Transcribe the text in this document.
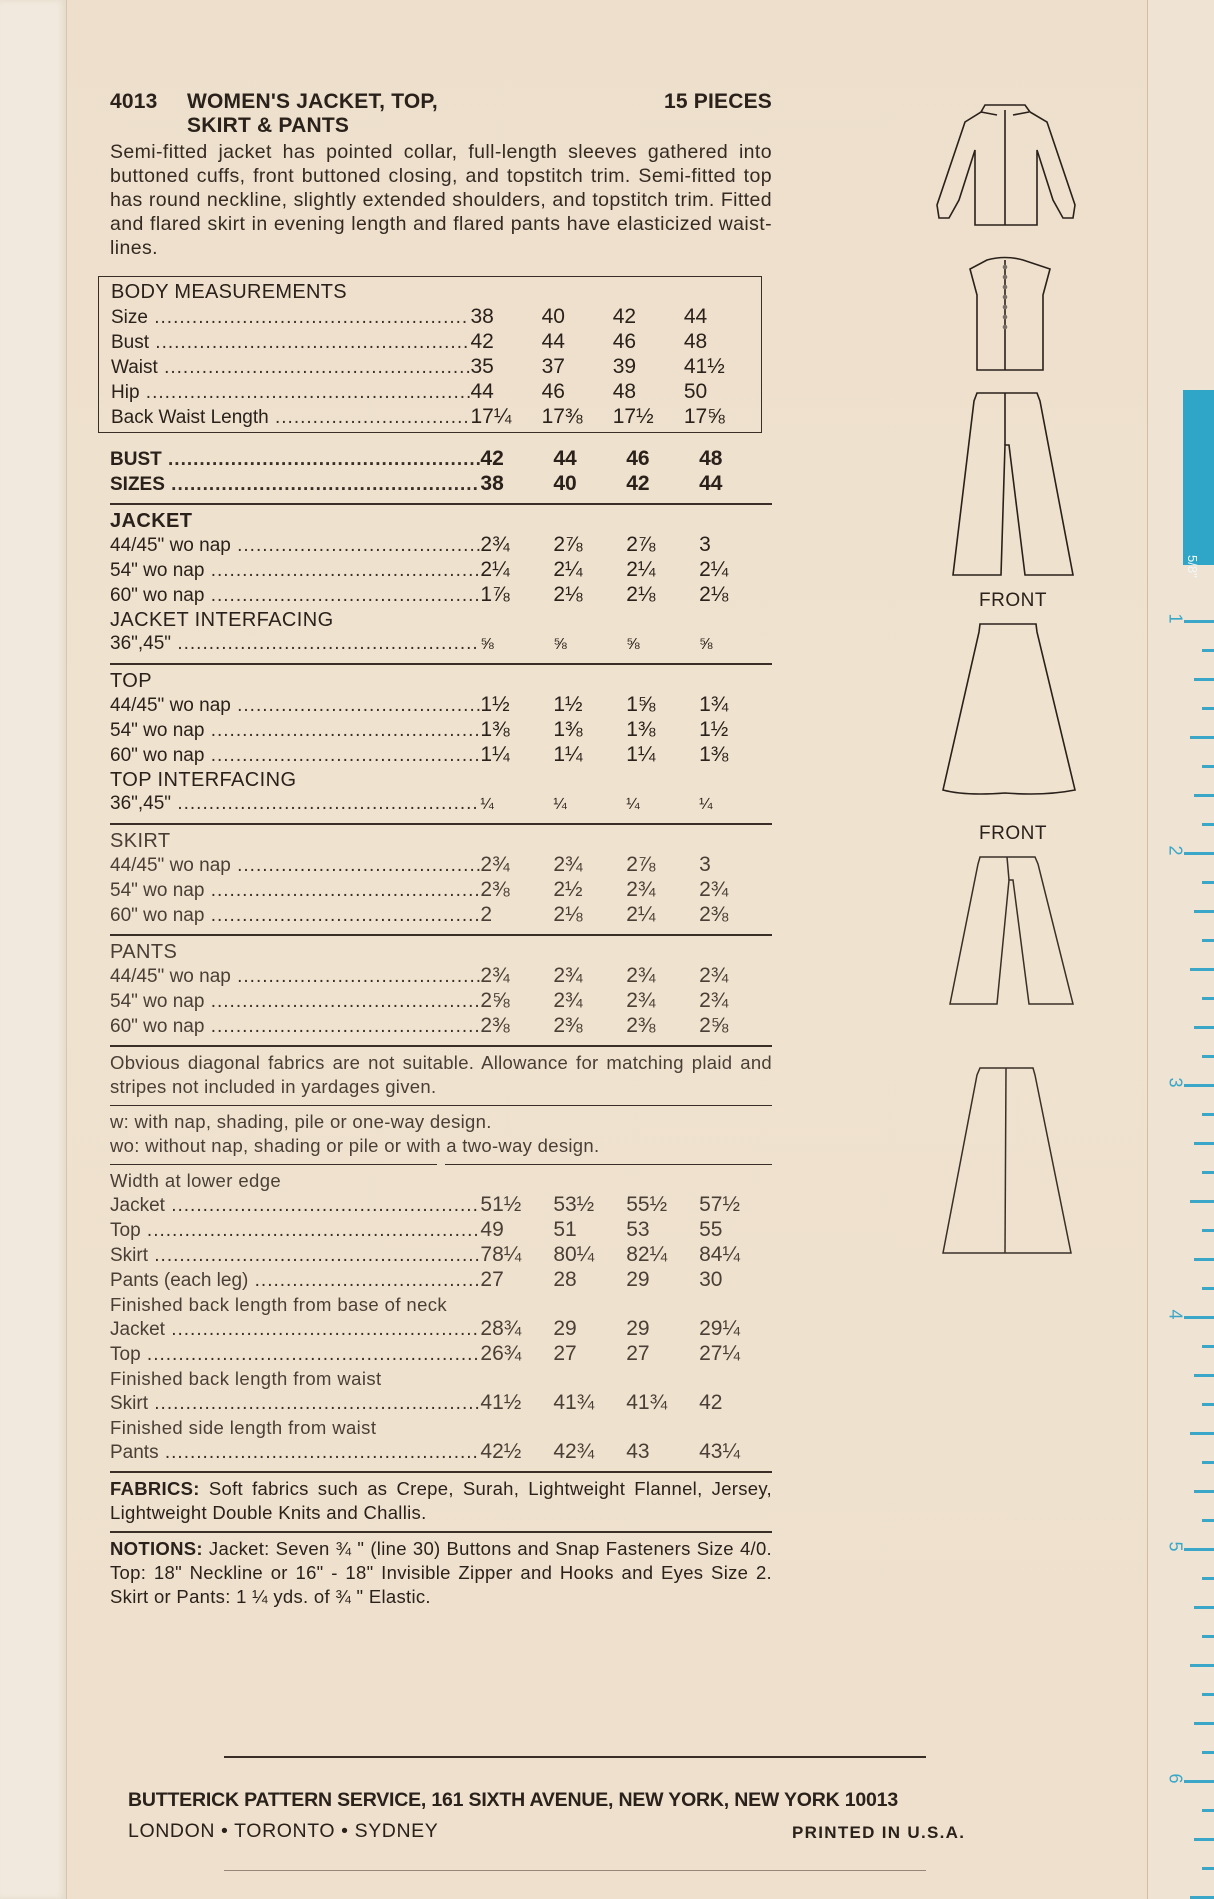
4013	WOMEN'S JACKET, TOP,
SKIRT & PANTS
15 PIECES
Semi-fitted jacket has pointed collar, full-length sleeves gathered into buttoned cuffs, front buttoned closing, and topstitch trim. Semi-fitted top has round neckline, slightly extended shoulders, and topstitch trim. Fitted and flared skirt in evening length and flared pants have elasticized waist-lines.
BODY MEASUREMENTS
Size .....	38	40	42	44
Bust .....	42	44	46	48
Waist .....	35	37	39	41½
Hip .....	44	46	48	50
Back Waist Length .....	17¼	17⅜	17½	17⅝
BUST .....	42	44	46	48
SIZES .....	38	40	42	44
JACKET
44/45" wo nap .....	2¾	2⅞	2⅞	3
54" wo nap .....	2¼	2¼	2¼	2¼
60" wo nap .....	1⅞	2⅛	2⅛	2⅛
JACKET INTERFACING
36",45" .....	⅝	⅝	⅝	⅝
TOP
44/45" wo nap .....	1½	1½	1⅝	1¾
54" wo nap .....	1⅜	1⅜	1⅜	1½
60" wo nap .....	1¼	1¼	1¼	1⅜
TOP INTERFACING
36",45" .....	¼	¼	¼	¼
SKIRT
44/45" wo nap .....	2¾	2¾	2⅞	3
54" wo nap .....	2⅜	2½	2¾	2¾
60" wo nap .....	2	2⅛	2¼	2⅜
PANTS
44/45" wo nap .....	2¾	2¾	2¾	2¾
54" wo nap .....	2⅝	2¾	2¾	2¾
60" wo nap .....	2⅜	2⅜	2⅜	2⅝
Obvious diagonal fabrics are not suitable. Allowance for matching plaid and stripes not included in yardages given.
w: with nap, shading, pile or one-way design.
wo: without nap, shading or pile or with a two-way design.
Width at lower edge
Jacket .....	51½	53½	55½	57½
Top .....	49	51	53	55
Skirt .....	78¼	80¼	82¼	84¼
Pants (each leg) .....	27	28	29	30
Finished back length from base of neck
Jacket .....	28¾	29	29	29¼
Top .....	26¾	27	27	27¼
Finished back length from waist
Skirt .....	41½	41¾	41¾	42
Finished side length from waist
Pants .....	42½	42¾	43	43¼
FABRICS: Soft fabrics such as Crepe, Surah, Lightweight Flannel, Jersey, Lightweight Double Knits and Challis.
NOTIONS: Jacket: Seven ¾ " (line 30) Buttons and Snap Fasteners Size 4/0. Top: 18" Neckline or 16" - 18" Invisible Zipper and Hooks and Eyes Size 2. Skirt or Pants: 1 ¼ yds. of ¾ " Elastic.
BUTTERICK PATTERN SERVICE, 161 SIXTH AVENUE, NEW YORK, NEW YORK 10013
LONDON • TORONTO • SYDNEY	PRINTED IN U.S.A.
FRONT
FRONT
1
2
3
4
5
6
5/8"
